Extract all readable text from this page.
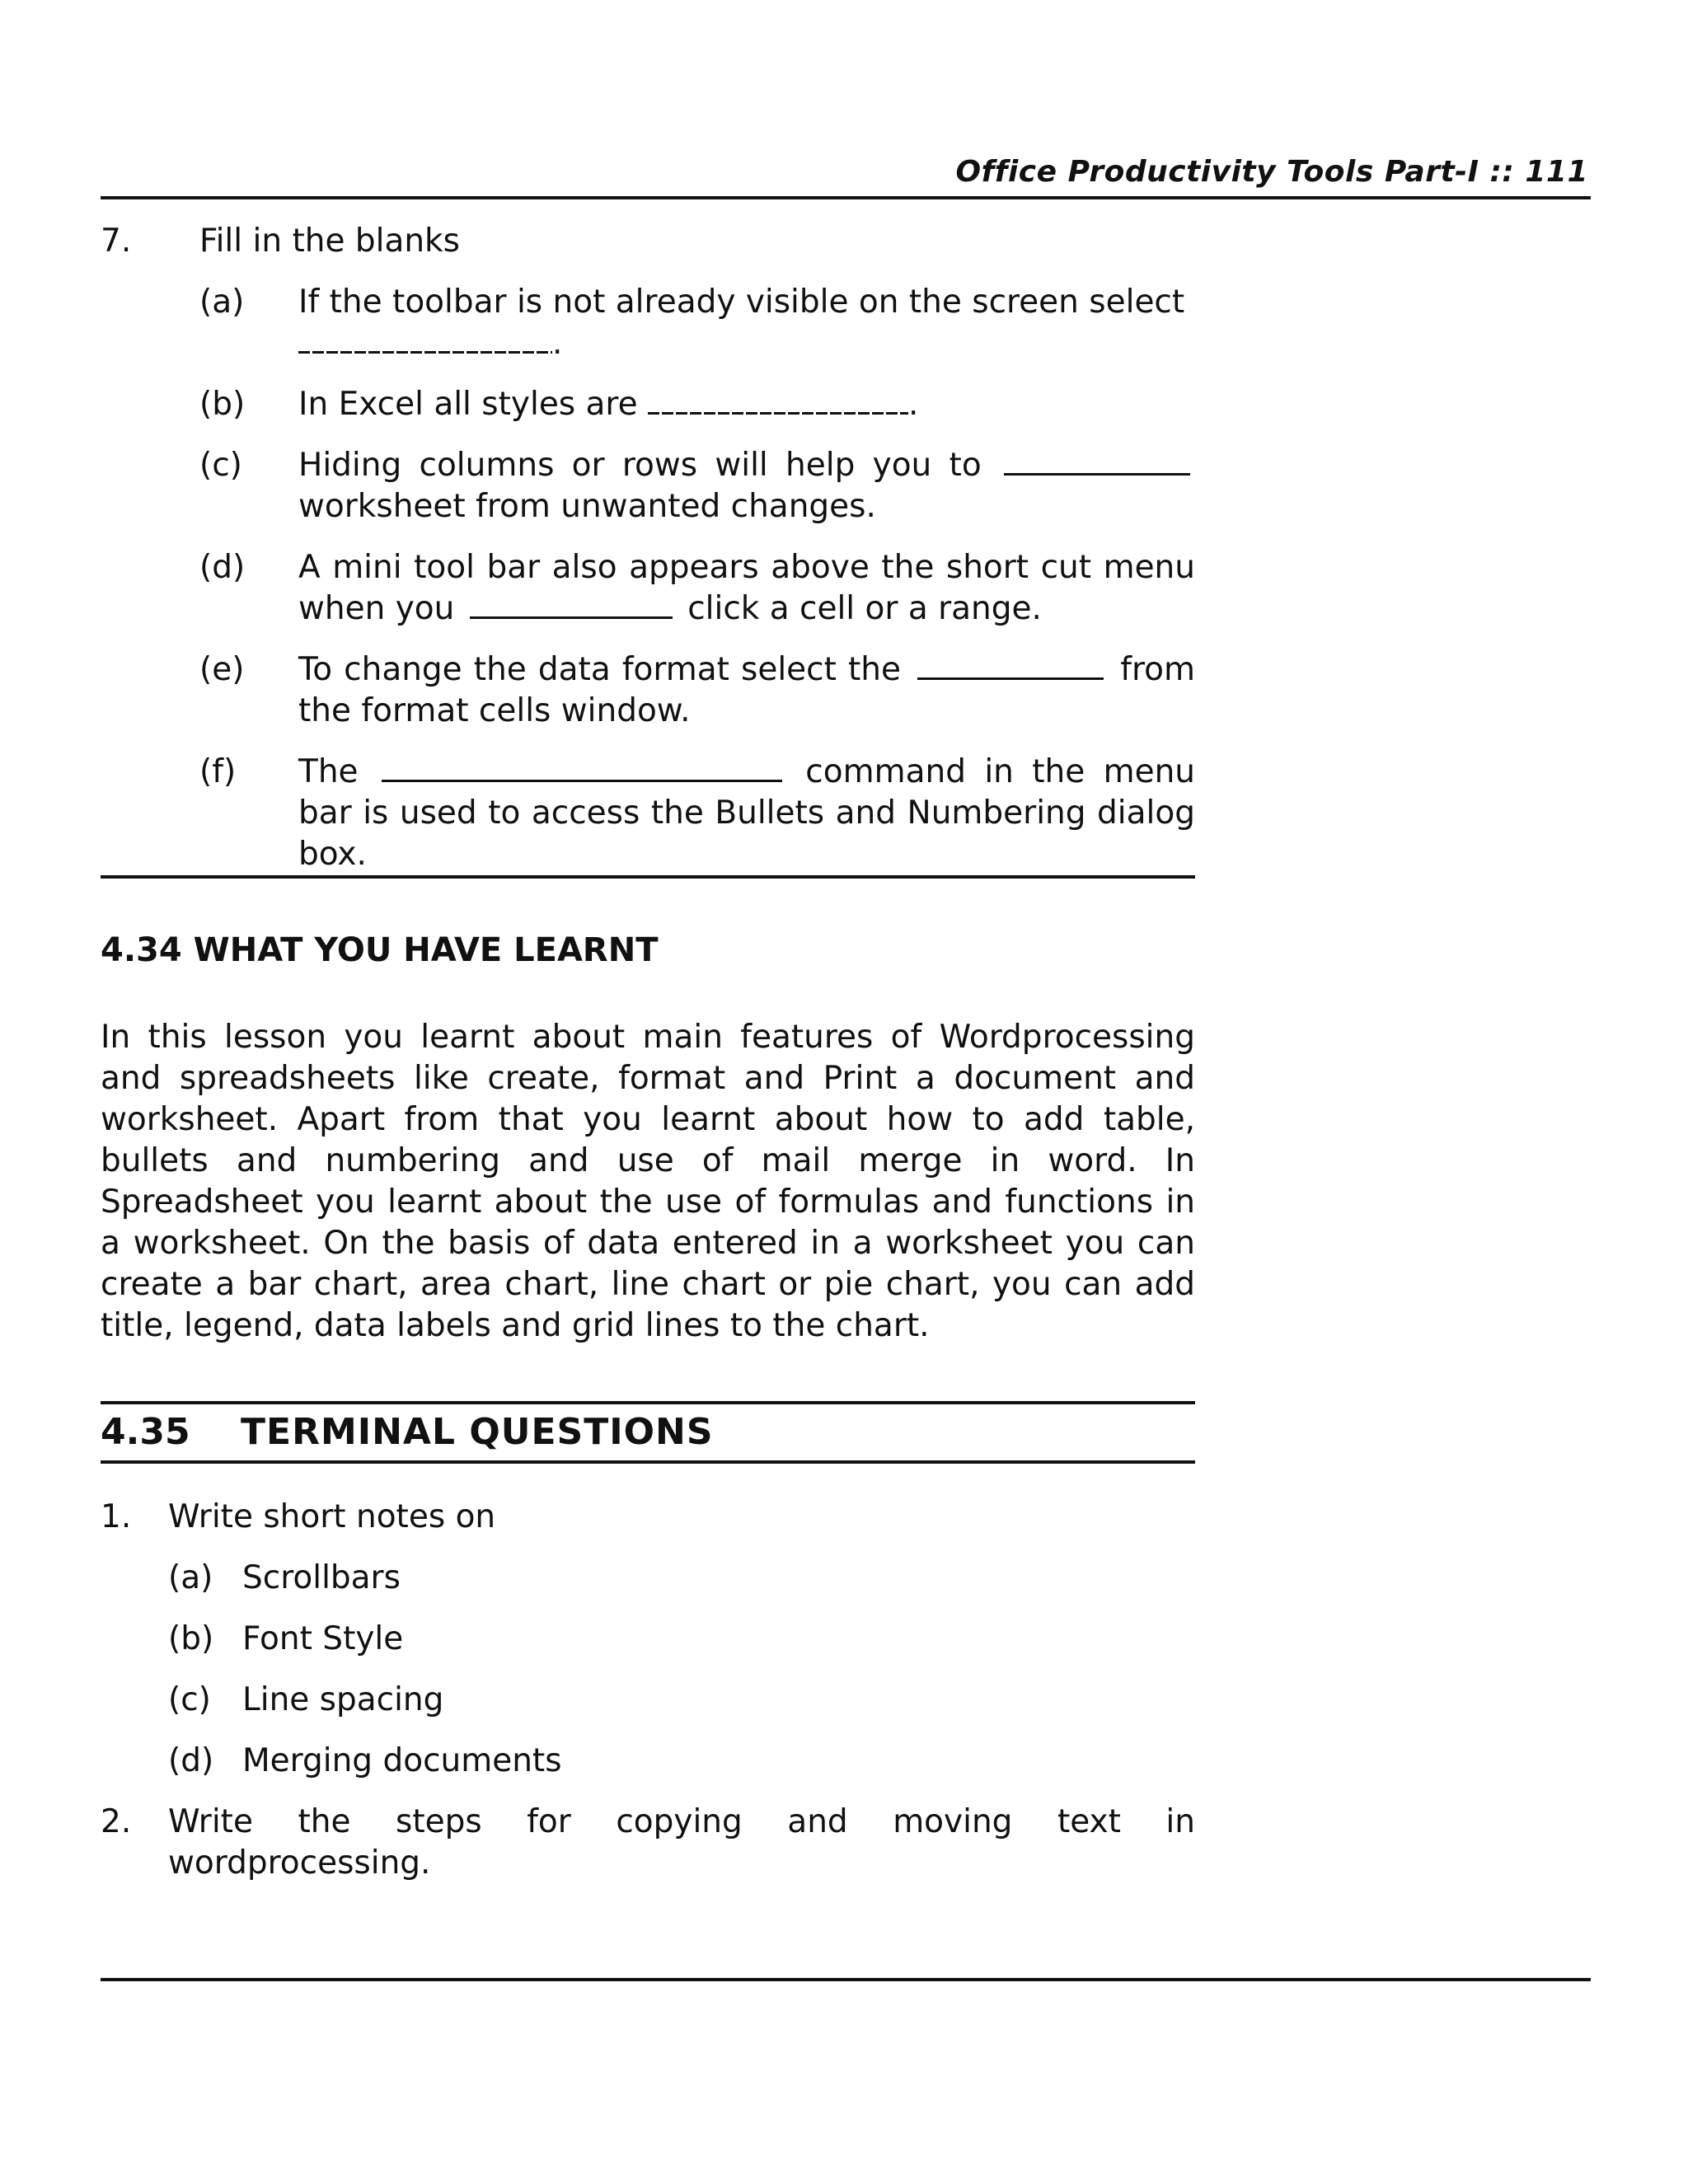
Office Productivity Tools Part-I :: 111
7. Fill in the blanks
(a) If the toolbar is not already visible on the screen select
.
(b) In Excel all styles are	.
(c) Hiding columns or rows will help you to
worksheet from unwanted changes.
(d) A mini tool bar also appears above the short cut menu when you	click a cell or a range.
(e) To change the data format select the	from the format cells window.
(f) The	command in the menu bar is used to access the Bullets and Numbering dialog box.
4.34 WHAT YOU HAVE LEARNT
In this lesson you learnt about main features of Wordprocessing and spreadsheets like create, format and Print a document and worksheet. Apart from that you learnt about how to add table, bullets and numbering and use of mail merge in word. In Spreadsheet you learnt about the use of formulas and functions in a worksheet. On the basis of data entered in a worksheet you can create a bar chart, area chart, line chart or pie chart, you can add title, legend, data labels and grid lines to the chart.
4.35 TERMINAL QUESTIONS
1. Write short notes on
(a) Scrollbars
(b) Font Style
(c) Line spacing
(d) Merging documents
2. Write the steps for copying and moving text in
wordprocessing.
